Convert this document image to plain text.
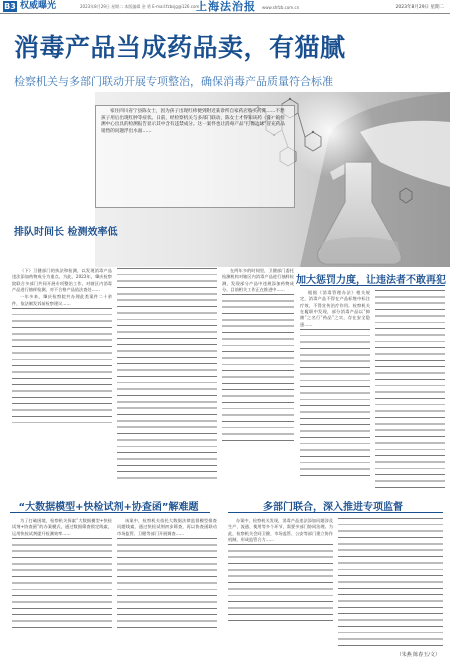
B3 权威曝光	2023年8月29日 星期二 本版编辑 金 勇 E-mail:fzbsjg@126.com
上海法治报 www.shfzb.com.cn	2023年8月29日 星期二
消毒产品当成药品卖，有猫腻
检察机关与多部门联动开展专项整治，确保消毒产品质量符合标准

家住四川省宁县陈女士，因为孩子出现红疹便到附近某诊所自家药店购买药膏……不想孩子用后出现红肿等症状。日前，经检察机关与多部门联动，陈女士才得知该药（膏）的检测中心出具的检测报告显示其中含有违禁成分。这一案件也让消毒产品“打擦边球”冒充药品销售的问题浮出水面……

排队时间长 检测效率低

（下）卫健部门的执法和检测，以发现消毒产品违法添加药物成分为重点。为此，2023年，肇庆检察院联合多部门共同开展专项整治工作，对辖区内消毒产品进行抽样检测，对不合格产品依法查处……

一年多来，肇庆检察院共办理此类案件二十余件，依法制发诉前检察建议……

在两年多的时间里，卫健部门委托检测机构对辖区内消毒产品进行抽样检测，发现部分产品中违规添加药物成分。目前相关工作正在推进中……

加大惩罚力度，让违法者不敢再犯

根据《消毒管理办法》相关规定，消毒产品不得在产品标签中标注疗效，不得宣传治疗作用。检察机关在履职中发现，部分消毒产品以“抑菌”之名行“药品”之实，存在安全隐患……

“大数据模型+快检试剂+协查函”解难题	多部门联合，深入推进专项监督

为了打破困境，检察机关探索“大数据模型+快检试剂+协查函”的办案模式，通过数据筛查锁定线索，运用快检试剂提升检测效率……

该案中，检察机关依托大数据法律监督模型排查问题线索，通过快检试剂初步筛查，再以协查函联动市场监管、卫健等部门开展调查……

办案中，检察机关发现，消毒产品违法添加问题涉及生产、流通、使用等多个环节，需要多部门协同治理。为此，检察机关会同卫健、市场监管、公安等部门建立协作机制，形成监管合力……

（朱燕 陈春玉/文）
